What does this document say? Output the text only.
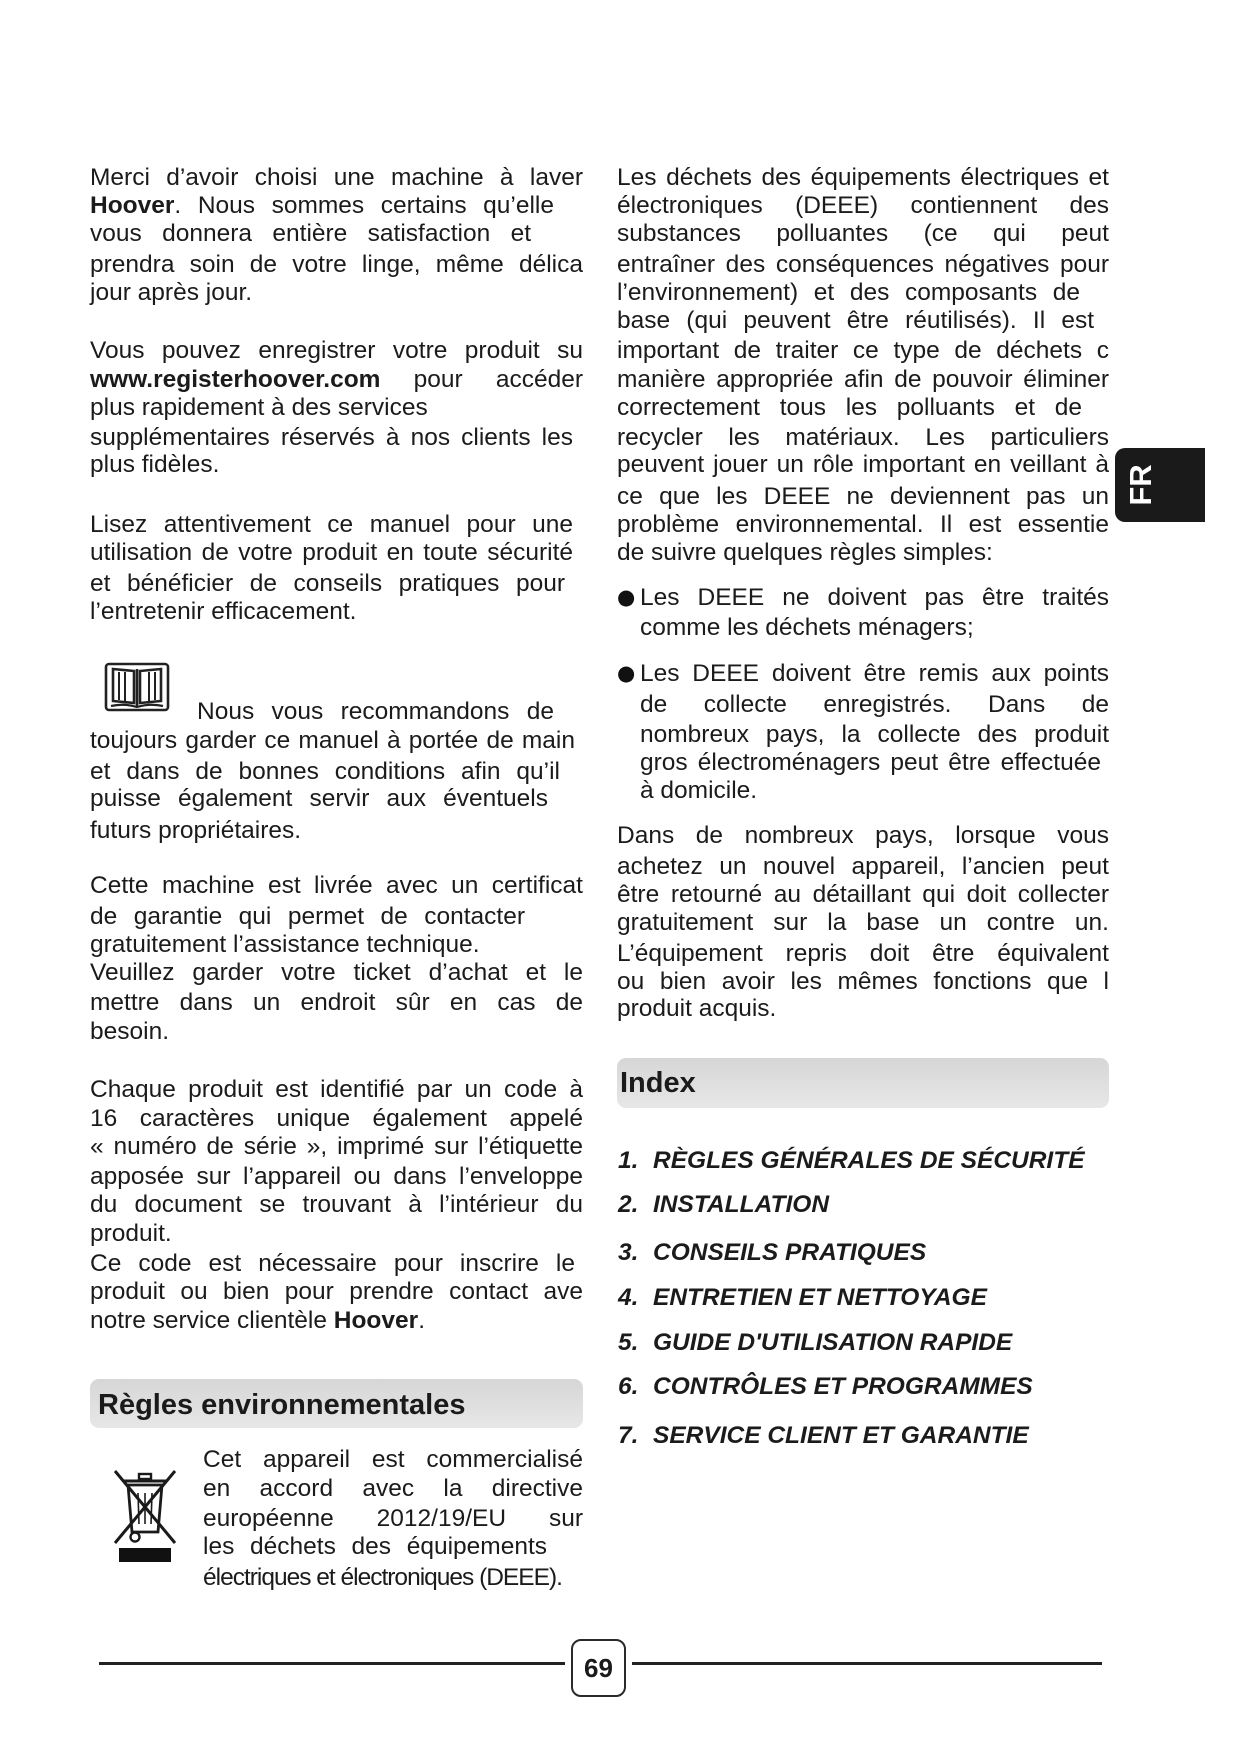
Merci d’avoir choisi une machine à laver
Hoover. Nous sommes certains qu’elle
vous donnera entière satisfaction et
prendra soin de votre linge, même délica
jour après jour.
Vous pouvez enregistrer votre produit su
www.registerhoover.com pour accéder
plus rapidement à des services
supplémentaires réservés à nos clients les
plus fidèles.
Lisez attentivement ce manuel pour une
utilisation de votre produit en toute sécurité
et bénéficier de conseils pratiques pour
l’entretenir efficacement.
Nous vous recommandons de
toujours garder ce manuel à portée de main
et dans de bonnes conditions afin qu’il
puisse également servir aux éventuels
futurs propriétaires.
Cette machine est livrée avec un certificat
de garantie qui permet de contacter
gratuitement l’assistance technique.
Veuillez garder votre ticket d’achat et le
mettre dans un endroit sûr en cas de
besoin.
Chaque produit est identifié par un code à
16 caractères unique également appelé
« numéro de série », imprimé sur l’étiquette
apposée sur l’appareil ou dans l’enveloppe
du document se trouvant à l’intérieur du
produit.
Ce code est nécessaire pour inscrire le
produit ou bien pour prendre contact ave
notre service clientèle Hoover.
Règles environnementales
Cet appareil est commercialisé
en accord avec la directive
européenne 2012/19/EU sur
les déchets des équipements
électriques et électroniques (DEEE).
Les déchets des équipements électriques et
électroniques (DEEE) contiennent des
substances polluantes (ce qui peut
entraîner des conséquences négatives pour
l’environnement) et des composants de
base (qui peuvent être réutilisés). Il est
important de traiter ce type de déchets c
manière appropriée afin de pouvoir éliminer
correctement tous les polluants et de
recycler les matériaux. Les particuliers
peuvent jouer un rôle important en veillant à
ce que les DEEE ne deviennent pas un
problème environnemental. Il est essentie
de suivre quelques règles simples:
● Les DEEE ne doivent pas être traités
comme les déchets ménagers;
● Les DEEE doivent être remis aux points
de collecte enregistrés. Dans de
nombreux pays, la collecte des produit
gros électroménagers peut être effectuée
à domicile.
Dans de nombreux pays, lorsque vous
achetez un nouvel appareil, l’ancien peut
être retourné au détaillant qui doit collecter
gratuitement sur la base un contre un.
L’équipement repris doit être équivalent
ou bien avoir les mêmes fonctions que l
produit acquis.
Index
1. RÈGLES GÉNÉRALES DE SÉCURITÉ
2. INSTALLATION
3. CONSEILS PRATIQUES
4. ENTRETIEN ET NETTOYAGE
5. GUIDE D'UTILISATION RAPIDE
6. CONTRÔLES ET PROGRAMMES
7. SERVICE CLIENT ET GARANTIE
FR
69
